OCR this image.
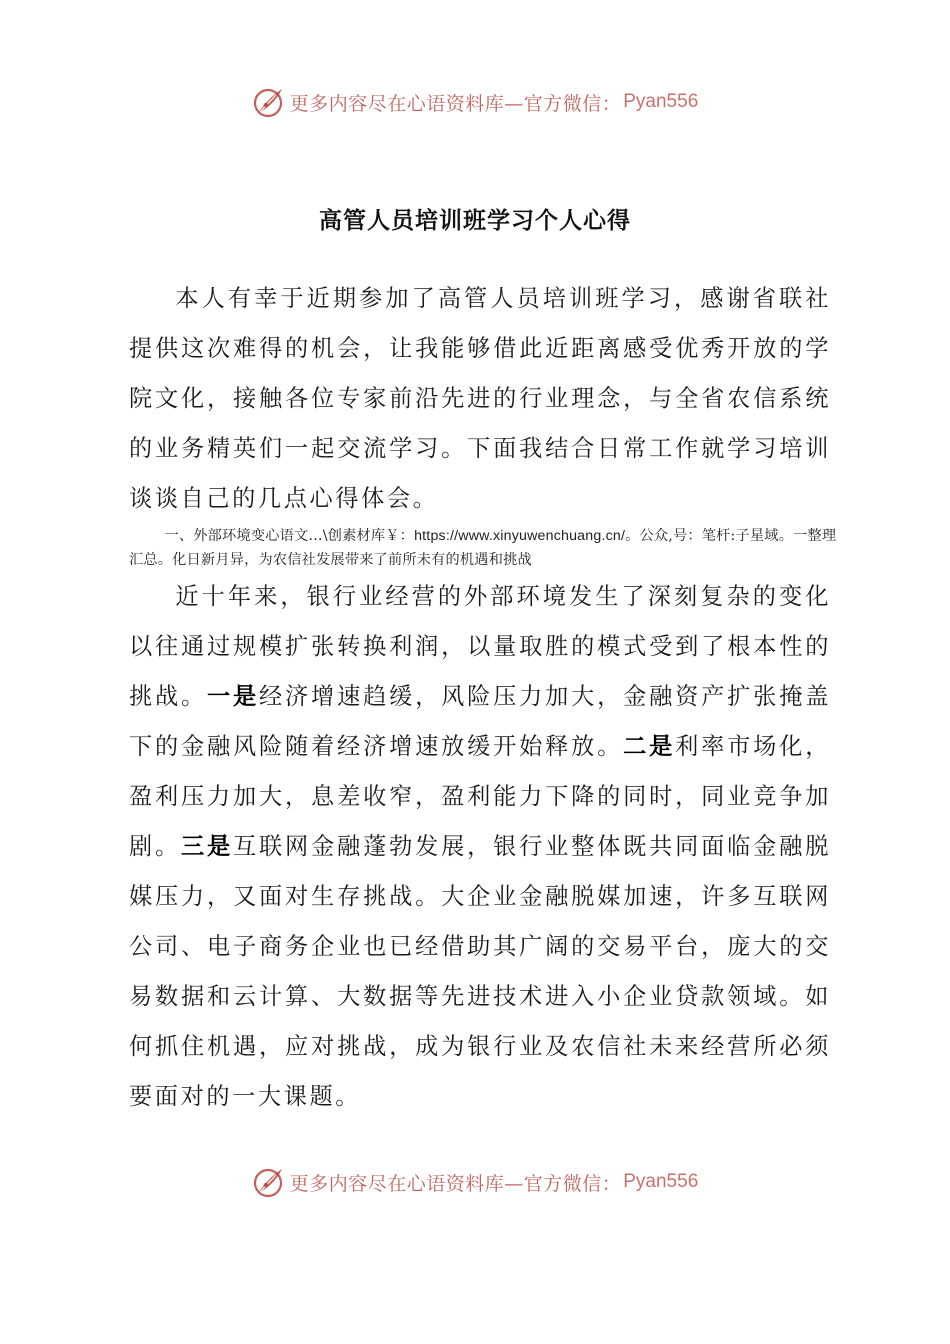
更多内容尽在心语资料库—官方微信： Pyan556
高管人员培训班学习个人心得
本人有幸于近期参加了高管人员培训班学习，感谢省联社提供这次难得的机会，让我能够借此近距离感受优秀开放的学院文化，接触各位专家前沿先进的行业理念，与全省农信系统的业务精英们一起交流学习。下面我结合日常工作就学习培训谈谈自己的几点心得体会。
一、外部环境变心语文…\创素材库￥：https://www.xinyuwenchuang.cn/。公众,号：笔杆:子星域。一整理汇总。化日新月异，为农信社发展带来了前所未有的机遇和挑战
近十年来，银行业经营的外部环境发生了深刻复杂的变化以往通过规模扩张转换利润，以量取胜的模式受到了根本性的挑战。一是经济增速趋缓，风险压力加大，金融资产扩张掩盖下的金融风险随着经济增速放缓开始释放。二是利率市场化，盈利压力加大，息差收窄，盈利能力下降的同时，同业竞争加剧。三是互联网金融蓬勃发展，银行业整体既共同面临金融脱媒压力，又面对生存挑战。大企业金融脱媒加速，许多互联网公司、电子商务企业也已经借助其广阔的交易平台，庞大的交易数据和云计算、大数据等先进技术进入小企业贷款领域。如何抓住机遇，应对挑战，成为银行业及农信社未来经营所必须要面对的一大课题。
更多内容尽在心语资料库—官方微信： Pyan556
